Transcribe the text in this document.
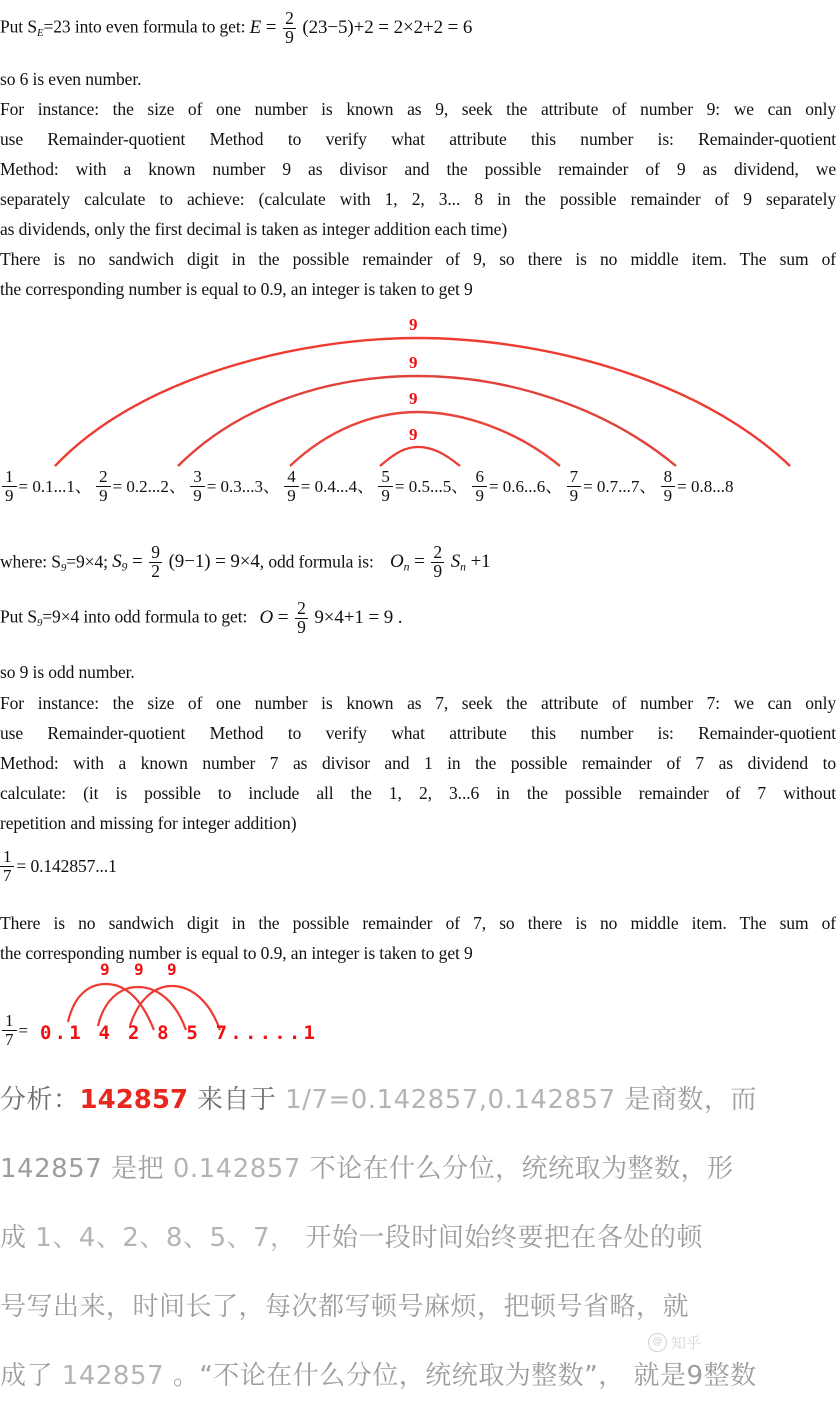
Put $S_E=23$ into even formula to get: $E = \frac{2}{9} (23-5)+2 = 2\times 2+2 = 6$
so 6 is even number.
For instance: the size of one number is known as 9, seek the attribute of number 9: we can only
use Remainder-quotient Method to verify what attribute this number is: Remainder-quotient
Method: with a known number 9 as divisor and the possible remainder of 9 as dividend, we
separately calculate to achieve: (calculate with 1, 2, 3... 8 in the possible remainder of 9 separately
as dividends, only the first decimal is taken as integer addition each time)
There is no sandwich digit in the possible remainder of 9, so there is no middle item. The sum of
the corresponding number is equal to 0.9, an integer is taken to get 9
9
9
9
9
$\frac{1}{9} = 0.1...1$、 $\frac{2}{9} = 0.2...2$、 $\frac{3}{9} = 0.3...3$、 $\frac{4}{9} = 0.4...4$、 $\frac{5}{9} = 0.5...5$、 $\frac{6}{9} = 0.6...6$、 $\frac{7}{9} = 0.7...7$、 $\frac{8}{9} = 0.8...8$
where: $S_9=9\times 4$; $S_9 = \frac{9}{2} (9-1) = 9\times 4$, odd formula is: $O_n = \frac{2}{9} S_n +1$
Put $S_9=9\times 4$ into odd formula to get: $O = \frac{2}{9} 9\times 4+1 = 9$ .
so 9 is odd number.
For instance: the size of one number is known as 7, seek the attribute of number 7: we can only
use Remainder-quotient Method to verify what attribute this number is: Remainder-quotient
Method: with a known number 7 as divisor and 1 in the possible remainder of 7 as dividend to
calculate: (it is possible to include all the 1, 2, 3...6 in the possible remainder of 7 without
repetition and missing for integer addition)
$\frac{1}{7} = 0.142857...1$
There is no sandwich digit in the possible remainder of 7, so there is no middle item. The sum of
the corresponding number is equal to 0.9, an integer is taken to get 9
9 9 9
$\frac{1}{7} = 0.1$ 4 2 8 5 7.....1
分析：142857 来自于 1/7=0.142857,0.142857 是商数，而
142857 是把 0.142857 不论在什么分位，统统取为整数，形
成 1、4、2、8、5、7， 开始一段时间始终要把在各处的顿
号写出来，时间长了，每次都写顿号麻烦，把顿号省略，就
成了 142857 。“不论在什么分位，统统取为整数”， 就是9整数
@ 知乎
